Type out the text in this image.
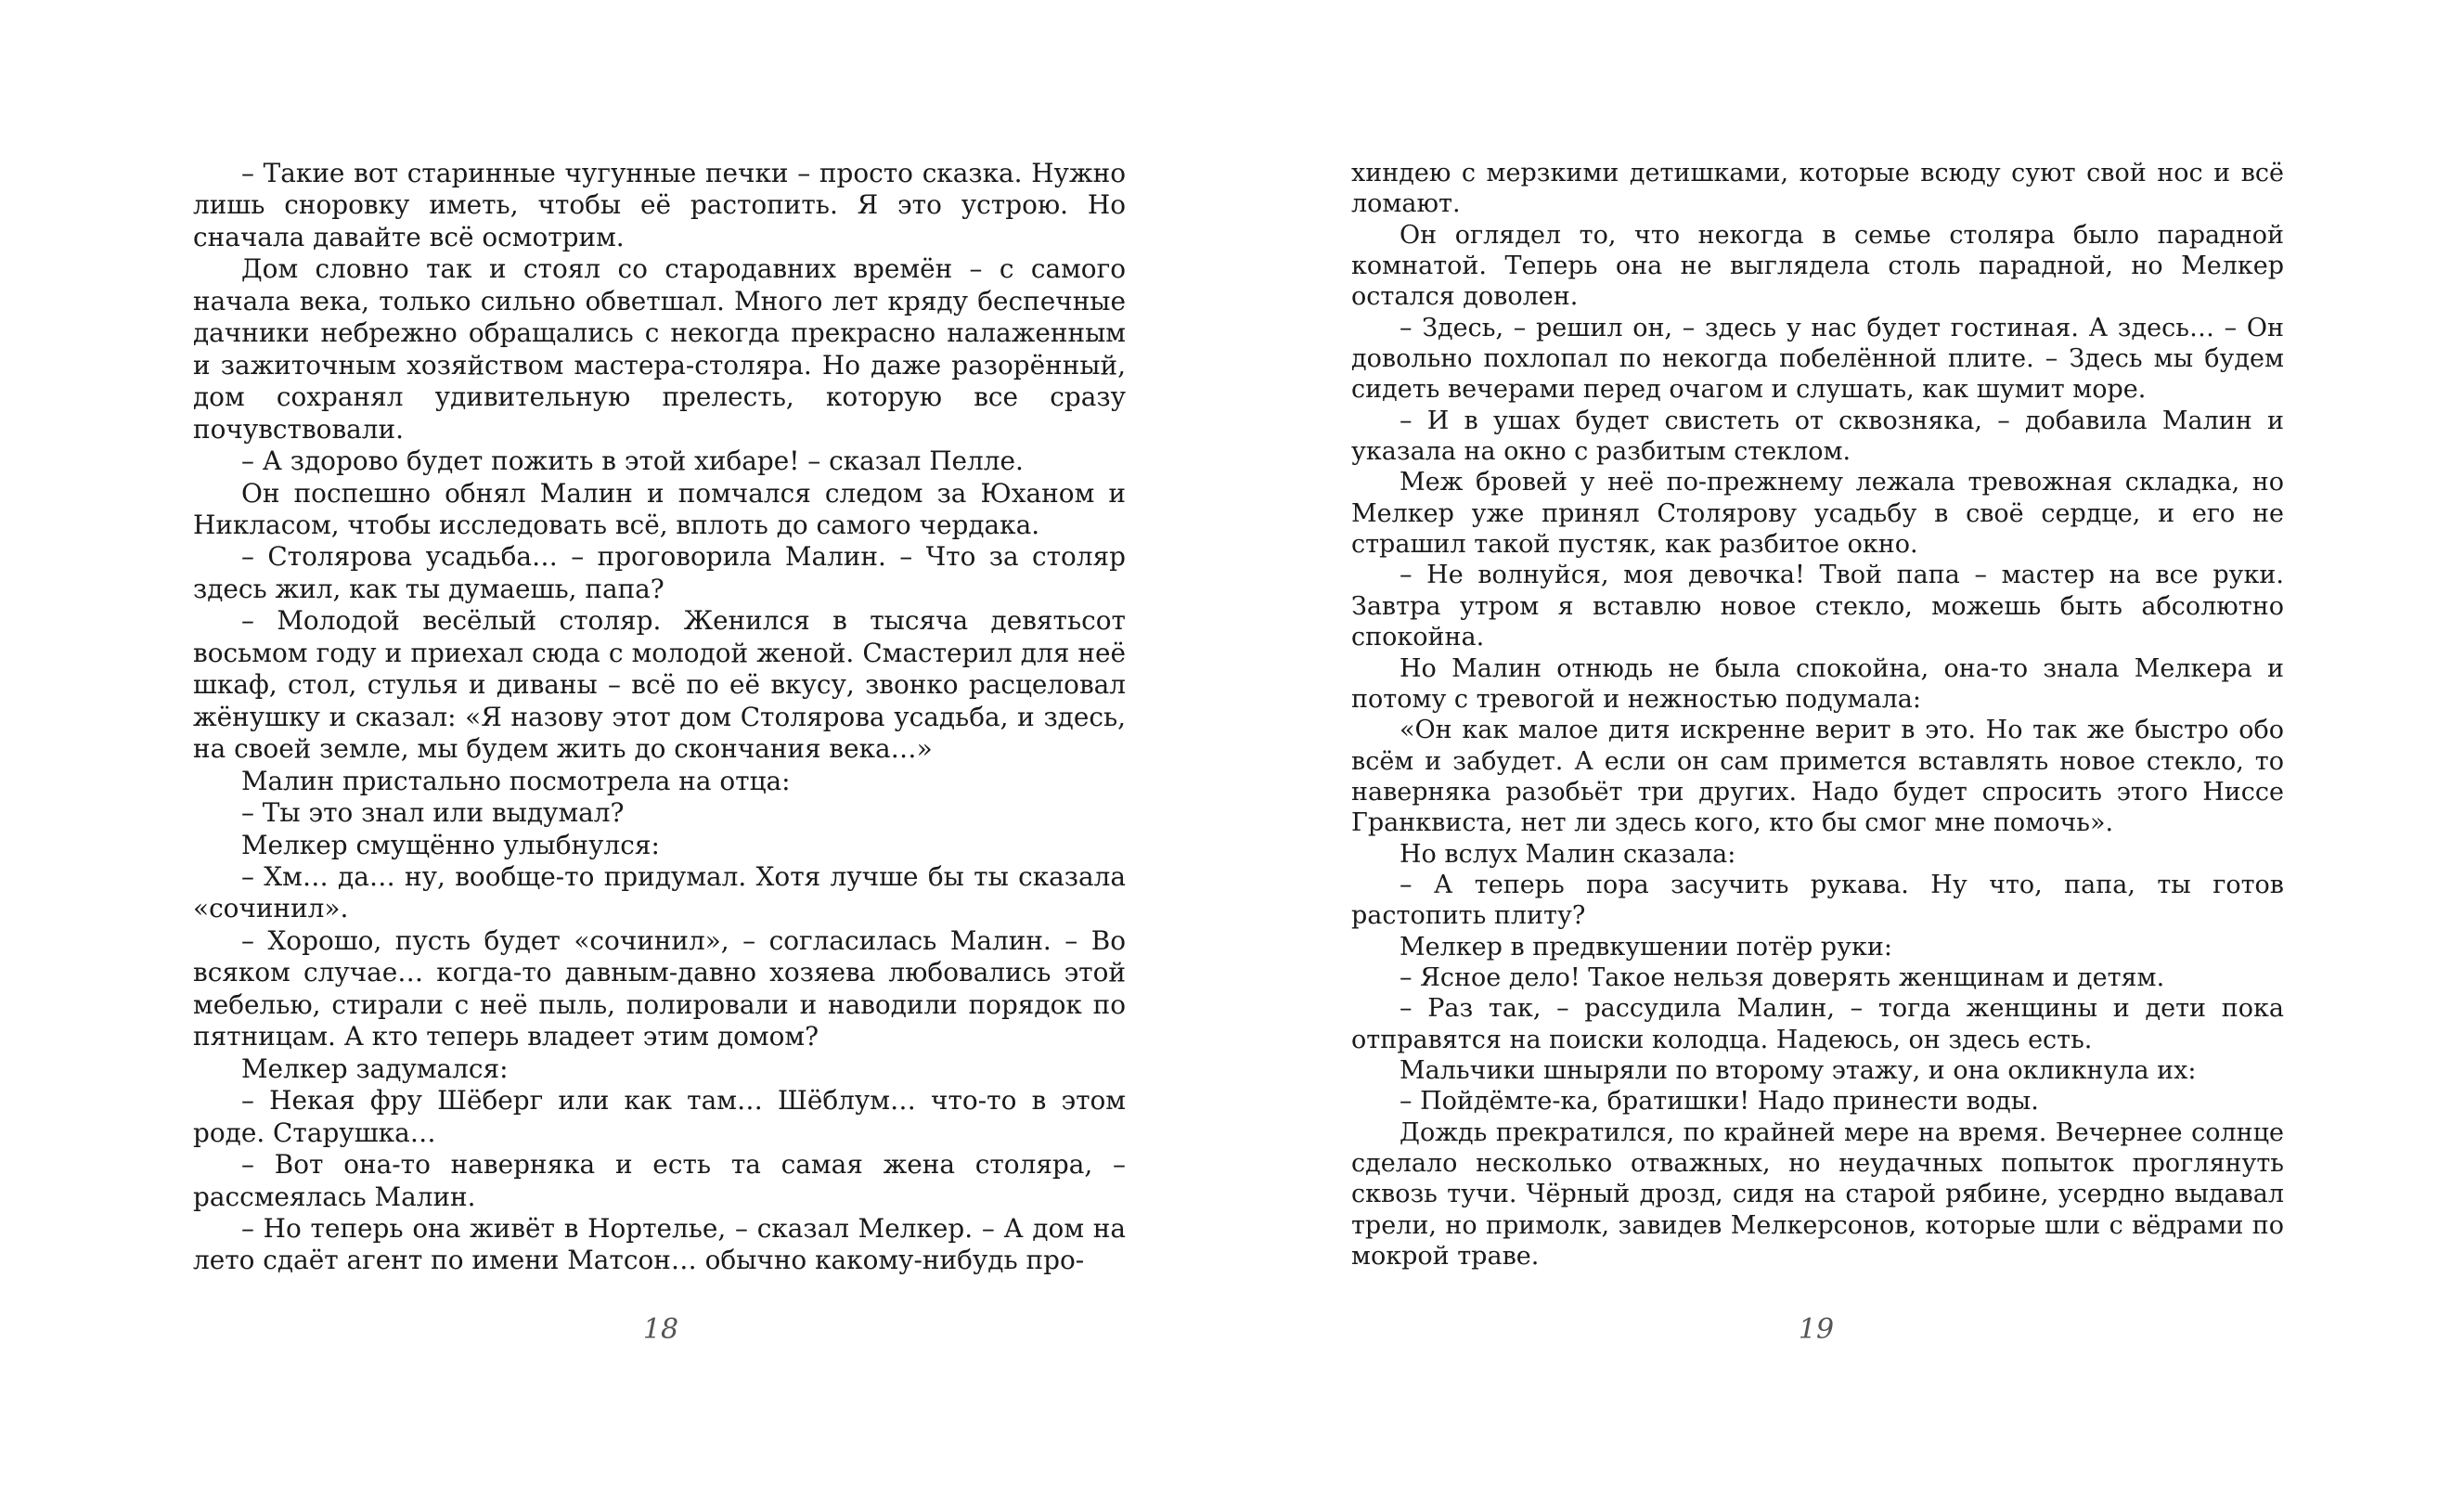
– Такие вот старинные чугунные печки – просто сказка. Нужно лишь сноровку иметь, чтобы её растопить. Я это устрою. Но сначала давайте всё осмотрим.

Дом словно так и стоял со стародавних времён – с самого начала века, только сильно обветшал. Много лет кряду беспечные дачники небрежно обращались с некогда прекрасно налаженным и зажиточным хозяйством мастера-столяра. Но даже разорённый, дом сохранял удивительную прелесть, которую все сразу почувствовали.

– А здорово будет пожить в этой хибаре! – сказал Пелле.

Он поспешно обнял Малин и помчался следом за Юханом и Никласом, чтобы исследовать всё, вплоть до самого чердака.

– Столярова усадьба… – проговорила Малин. – Что за столяр здесь жил, как ты думаешь, папа?

– Молодой весёлый столяр. Женился в тысяча девятьсот восьмом году и приехал сюда с молодой женой. Смастерил для неё шкаф, стол, стулья и диваны – всё по её вкусу, звонко расцеловал жёнушку и сказал: «Я назову этот дом Столярова усадьба, и здесь, на своей земле, мы будем жить до скончания века…»

Малин пристально посмотрела на отца:

– Ты это знал или выдумал?

Мелкер смущённо улыбнулся:

– Хм… да… ну, вообще-то придумал. Хотя лучше бы ты сказала «сочинил».

– Хорошо, пусть будет «сочинил», – согласилась Малин. – Во всяком случае… когда-то давным-давно хозяева любовались этой мебелью, стирали с неё пыль, полировали и наводили порядок по пятницам. А кто теперь владеет этим домом?

Мелкер задумался:

– Некая фру Шёберг или как там… Шёблум… что-то в этом роде. Старушка…

– Вот она-то наверняка и есть та самая жена столяра, – рассмеялась Малин.

– Но теперь она живёт в Нортелье, – сказал Мелкер. – А дом на лето сдаёт агент по имени Матсон… обычно какому-нибудь про-

хиндею с мерзкими детишками, которые всюду суют свой нос и всё ломают.

Он оглядел то, что некогда в семье столяра было парадной комнатой. Теперь она не выглядела столь парадной, но Мелкер остался доволен.

– Здесь, – решил он, – здесь у нас будет гостиная. А здесь… – Он довольно похлопал по некогда побелённой плите. – Здесь мы будем сидеть вечерами перед очагом и слушать, как шумит море.

– И в ушах будет свистеть от сквозняка, – добавила Малин и указала на окно с разбитым стеклом.

Меж бровей у неё по-прежнему лежала тревожная складка, но Мелкер уже принял Столярову усадьбу в своё сердце, и его не страшил такой пустяк, как разбитое окно.

– Не волнуйся, моя девочка! Твой папа – мастер на все руки. Завтра утром я вставлю новое стекло, можешь быть абсолютно спокойна.

Но Малин отнюдь не была спокойна, она-то знала Мелкера и потому с тревогой и нежностью подумала:

«Он как малое дитя искренне верит в это. Но так же быстро обо всём и забудет. А если он сам примется вставлять новое стекло, то наверняка разобьёт три других. Надо будет спросить этого Ниссе Гранквиста, нет ли здесь кого, кто бы смог мне помочь».

Но вслух Малин сказала:

– А теперь пора засучить рукава. Ну что, папа, ты готов растопить плиту?

Мелкер в предвкушении потёр руки:

– Ясное дело! Такое нельзя доверять женщинам и детям.

– Раз так, – рассудила Малин, – тогда женщины и дети пока отправятся на поиски колодца. Надеюсь, он здесь есть.

Мальчики шныряли по второму этажу, и она окликнула их:

– Пойдёмте-ка, братишки! Надо принести воды.

Дождь прекратился, по крайней мере на время. Вечернее солнце сделало несколько отважных, но неудачных попыток проглянуть сквозь тучи. Чёрный дрозд, сидя на старой рябине, усердно выдавал трели, но примолк, завидев Мелкерсонов, которые шли с вёдрами по мокрой траве.

18	19
